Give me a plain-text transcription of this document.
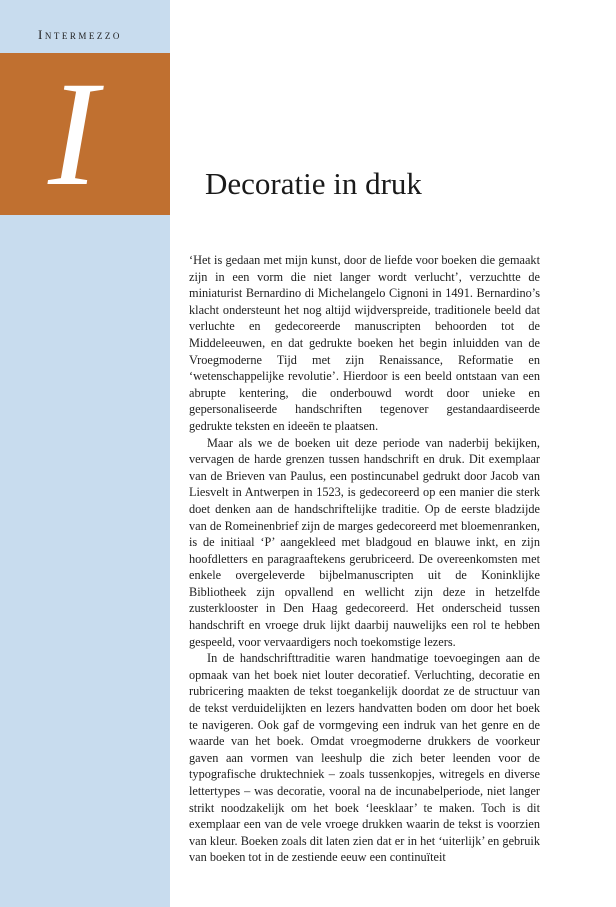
Intermezzo
I	Decoratie in druk

‘Het is gedaan met mijn kunst, door de liefde voor boeken die gemaakt zijn in een vorm die niet langer wordt verlucht’, verzuchtte de miniaturist Bernardino di Michelangelo Cignoni in 1491. Bernardino’s klacht ondersteunt het nog altijd wijdverspreide, traditionele beeld dat verluchte en gedecoreerde manuscripten behoorden tot de Middeleeuwen, en dat gedrukte boeken het begin inluidden van de Vroegmoderne Tijd met zijn Renaissance, Reformatie en ‘wetenschappelijke revolutie’. Hierdoor is een beeld ontstaan van een abrupte kentering, die onderbouwd wordt door unieke en gepersonaliseerde handschriften tegenover gestandaardiseerde gedrukte teksten en ideeën te plaatsen.

Maar als we de boeken uit deze periode van naderbij bekijken, vervagen de harde grenzen tussen handschrift en druk. Dit exemplaar van de Brieven van Paulus, een postincunabel gedrukt door Jacob van Liesvelt in Antwerpen in 1523, is gedecoreerd op een manier die sterk doet denken aan de handschriftelijke traditie. Op de eerste bladzijde van de Romeinenbrief zijn de marges gedecoreerd met bloemenranken, is de initiaal ‘P’ aangekleed met bladgoud en blauwe inkt, en zijn hoofdletters en paragraaftekens gerubriceerd. De overeenkomsten met enkele overgeleverde bijbelmanuscripten uit de Koninklijke Bibliotheek zijn opvallend en wellicht zijn deze in hetzelfde zusterklooster in Den Haag gedecoreerd. Het onderscheid tussen handschrift en vroege druk lijkt daarbij nauwelijks een rol te hebben gespeeld, voor vervaardigers noch toekomstige lezers.

In de handschrifttraditie waren handmatige toevoegingen aan de opmaak van het boek niet louter decoratief. Verluchting, decoratie en rubricering maakten de tekst toegankelijk doordat ze de structuur van de tekst verduidelijkten en lezers handvatten boden om door het boek te navigeren. Ook gaf de vormgeving een indruk van het genre en de waarde van het boek. Omdat vroegmoderne drukkers de voorkeur gaven aan vormen van leeshulp die zich beter leenden voor de typografische druktechniek – zoals tussenkopjes, witregels en diverse lettertypes – was decoratie, vooral na de incunabelperiode, niet langer strikt noodzakelijk om het boek ‘leesklaar’ te maken. Toch is dit exemplaar een van de vele vroege drukken waarin de tekst is voorzien van kleur. Boeken zoals dit laten zien dat er in het ‘uiterlijk’ en gebruik van boeken tot in de zestiende eeuw een continuïteit
